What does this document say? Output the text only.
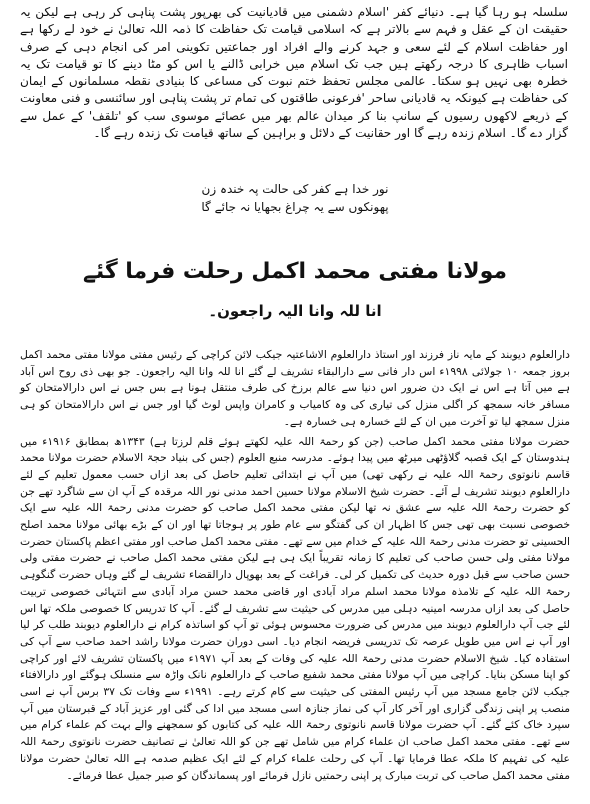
سلسلہ ہو رہا گیا ہے۔ دنیائے کفر 'اسلام دشمنی میں قادیانیت کی بھرپور پشت پناہی کر رہی ہے لیکن یہ حقیقت ان کے عقل و فہم سے بالاتر ہے کہ اسلامی قیامت تک حفاظت کا ذمہ اللہ تعالیٰ نے خود لے رکھا ہے اور حفاظت اسلام کے لئے سعی و جہد کرنے والے افراد اور جماعتیں تکوینی امر کی انجام دہی کے صرف اسباب ظاہری کا درجہ رکھتے ہیں جب تک اسلام میں خرابی ڈالنے یا اس کو مٹا دینے کا تو قیامت تک یہ خطرہ بھی نہیں ہو سکتا۔ عالمی مجلس تحفظ ختم نبوت کی مساعی کا بنیادی نقطہ مسلمانوں کے ایمان کی حفاظت ہے کیونکہ یہ قادیانی ساحر 'فرعونی طاقتوں کی تمام تر پشت پناہی اور سائنسی و فنی معاونت کے ذریعے لاکھوں رسیوں کے سانپ بنا کر میدان عالم بھر میں عصائے موسوی سب کو 'تلقف' کے عمل سے گزار دے گا۔ اسلام زندہ رہے گا اور حقانیت کے دلائل و براہین کے ساتھ قیامت تک زندہ رہے گا۔

نور خدا ہے کفر کی حالت پہ خندہ زن
پھونکوں سے یہ چراغ بجھایا نہ جائے گا
مولانا مفتی محمد اکمل رحلت فرما گئے
انا للہ وانا الیہ راجعون۔

دارالعلوم دیوبند کے مایہ ناز فرزند اور استاذ دارالعلوم الاشاعتیہ جیکب لائن کراچی کے رئیس مفتی مولانا مفتی محمد اکمل بروز جمعہ ۱۰ جولائی ۱۹۹۸ء اس دار فانی سے دارالبقاء تشریف لے گئے انا للہ وانا الیہ راجعون۔ جو بھی ذی روح اس آباد ہے میں آتا ہے اس نے ایک دن ضرور اس دنیا سے عالم برزخ کی طرف منتقل ہونا ہے بس جس نے اس دارالامتحان کو مسافر خانہ سمجھ کر اگلی منزل کی تیاری کی وہ کامیاب و کامران واپس لوٹ گیا اور جس نے اس دارالامتحان کو ہی منزل سمجھ لیا تو آخرت میں ان کے لئے خسارہ ہی خسارہ ہے۔

حضرت مولانا مفتی محمد اکمل صاحب (جن کو رحمۃ اللہ علیہ لکھتے ہوئے قلم لرزتا ہے) ۱۳۴۳ھ بمطابق ۱۹۱۶ء میں ہندوستان کے ایک قصبہ گلاؤٹھی میرٹھ میں پیدا ہوئے۔ مدرسہ منبع العلوم (جس کی بنیاد حجۃ الاسلام حضرت مولانا محمد قاسم نانوتوی رحمۃ اللہ علیہ نے رکھی تھی) میں آپ نے ابتدائی تعلیم حاصل کی بعد ازاں حسب معمول تعلیم کے لئے دارالعلوم دیوبند تشریف لے آئے۔ حضرت شیخ الاسلام مولانا حسین احمد مدنی نور اللہ مرقدہ کے آپ ان سے شاگرد تھے جن کو حضرت رحمۃ اللہ علیہ سے عشق نہ تھا لیکن مفتی محمد اکمل صاحب کو حضرت مدنی رحمۃ اللہ علیہ سے ایک خصوصی نسبت بھی تھی جس کا اظہار ان کی گفتگو سے عام طور پر ہوجاتا تھا اور ان کے بڑے بھائی مولانا محمد اصلح الحسینی تو حضرت مدنی رحمۃ اللہ علیہ کے خدام میں سے تھے۔ مفتی محمد اکمل صاحب اور مفتی اعظم پاکستان حضرت مولانا مفتی ولی حسن صاحب کی تعلیم کا زمانہ تقریباً ایک ہی ہے لیکن مفتی محمد اکمل صاحب نے حضرت مفتی ولی حسن صاحب سے قبل دورہ حدیث کی تکمیل کر لی۔ فراغت کے بعد بھوپال دارالقضاء تشریف لے گئے وہاں حضرت گنگوہی رحمۃ اللہ علیہ کے تلامذہ مولانا محمد اسلم مراد آبادی اور قاضی محمد حسن مراد آبادی سے انتہائی خصوصی تربیت حاصل کی بعد ازاں مدرسہ امینیہ دہلی میں مدرس کی حیثیت سے تشریف لے گئے۔ آپ کا تدریس کا خصوصی ملکہ تھا اس لئے جب آپ دارالعلوم دیوبند میں مدرس کی ضرورت محسوس ہوئی تو آپ کو اساتذہ کرام نے دارالعلوم دیوبند طلب کر لیا اور آپ نے اس میں طویل عرصہ تک تدریسی فریضہ انجام دیا۔ اسی دوران حضرت مولانا راشد احمد صاحب سے آپ کی استفادہ کیا۔ شیخ الاسلام حضرت مدنی رحمۃ اللہ علیہ کی وفات کے بعد آپ ۱۹۷۱ء میں پاکستان تشریف لائے اور کراچی کو اپنا مسکن بنایا۔ کراچی میں آپ مولانا مفتی محمد شفیع صاحب کے دارالعلوم نانک واڑہ سے منسلک ہوگئے اور دارالافتاء جیکب لائن جامع مسجد میں آپ رئیس المفتی کی حیثیت سے کام کرتے رہے۔ ۱۹۹۱ء سے وفات تک ۳۷ برس آپ نے اسی منصب پر اپنی زندگی گزاری اور آخر کار آپ کی نماز جنازہ اسی مسجد میں ادا کی گئی اور عزیز آباد کے قبرستان میں آپ سپرد خاک کئے گئے۔ آپ حضرت مولانا قاسم نانوتوی رحمۃ اللہ علیہ کی کتابوں کو سمجھنے والے بہت کم علماء کرام میں سے تھے۔ مفتی محمد اکمل صاحب ان علماء کرام میں شامل تھے جن کو اللہ تعالیٰ نے تصانیف حضرت نانوتوی رحمۃ اللہ علیہ کی تفہیم کا ملکہ عطا فرمایا تھا۔ آپ کی رحلت علماء کرام کے لئے ایک عظیم صدمہ ہے اللہ تعالیٰ حضرت مولانا مفتی محمد اکمل صاحب کی تربت مبارک پر اپنی رحمتیں نازل فرمائے اور پسماندگان کو صبر جمیل عطا فرمائے۔
